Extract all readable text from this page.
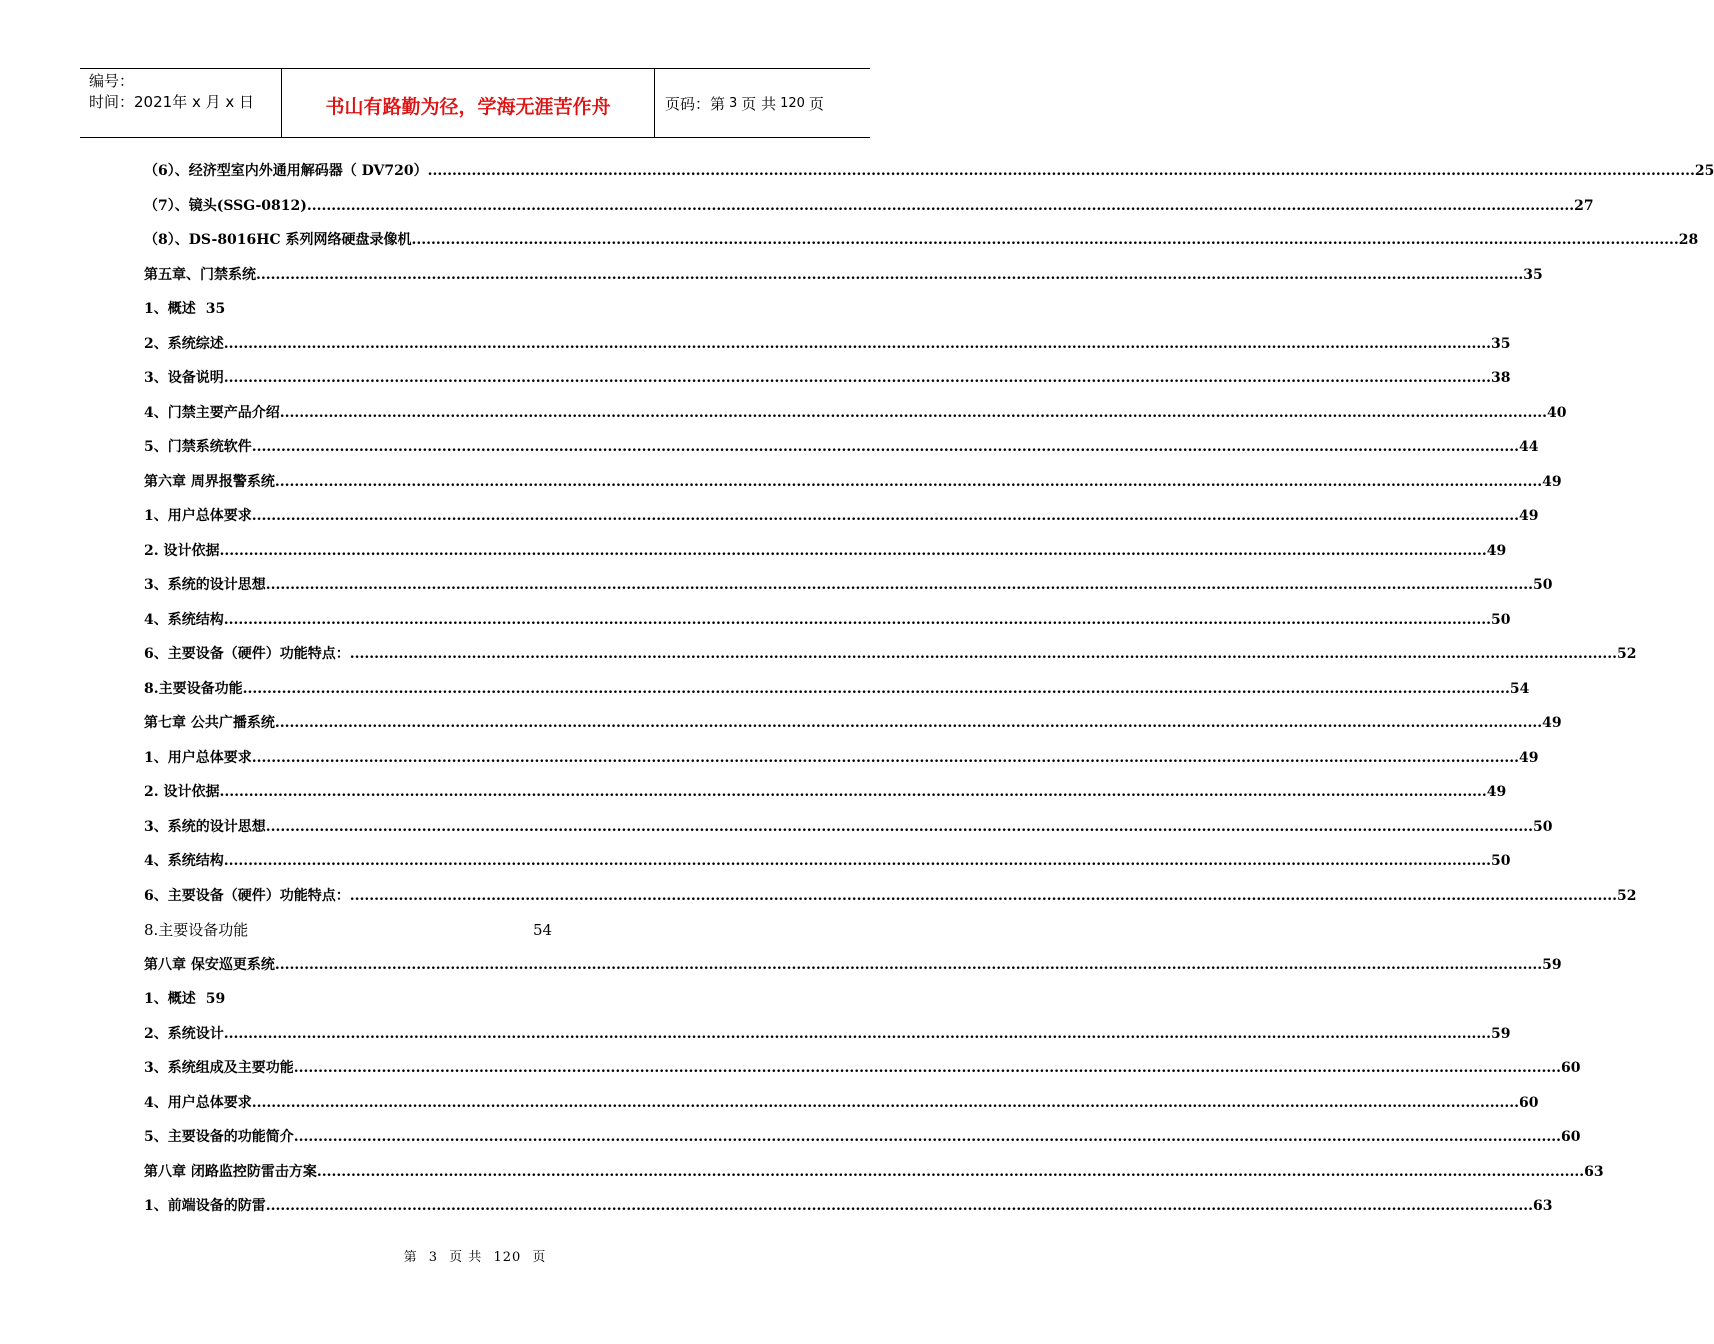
编号：
时间：2021年 x 月 x 日	书山有路勤为径，学海无涯苦作舟	页码：第 3 页 共 120 页
（6）、经济型室内外通用解码器（ DV720） .................................................................................................................................................................................................................................................................... 25
（7）、镜头(SSG-0812) .................................................................................................................................................................................................................................................................... 27
（8）、DS-8016HC 系列网络硬盘录像机 .................................................................................................................................................................................................................................................................... 28
第五章、门禁系统 .................................................................................................................................................................................................................................................................... 35
1、概述 35
2、系统综述 .................................................................................................................................................................................................................................................................... 35
3、设备说明 .................................................................................................................................................................................................................................................................... 38
4、门禁主要产品介绍 .................................................................................................................................................................................................................................................................... 40
5、门禁系统软件 .................................................................................................................................................................................................................................................................... 44
第六章 周界报警系统 .................................................................................................................................................................................................................................................................... 49
1、用户总体要求 .................................................................................................................................................................................................................................................................... 49
2. 设计依据 .................................................................................................................................................................................................................................................................... 49
3、系统的设计思想 .................................................................................................................................................................................................................................................................... 50
4、系统结构 .................................................................................................................................................................................................................................................................... 50
6、主要设备（硬件）功能特点： .................................................................................................................................................................................................................................................................... 52
8.主要设备功能 .................................................................................................................................................................................................................................................................... 54
第七章 公共广播系统 .................................................................................................................................................................................................................................................................... 49
1、用户总体要求 .................................................................................................................................................................................................................................................................... 49
2. 设计依据 .................................................................................................................................................................................................................................................................... 49
3、系统的设计思想 .................................................................................................................................................................................................................................................................... 50
4、系统结构 .................................................................................................................................................................................................................................................................... 50
6、主要设备（硬件）功能特点： .................................................................................................................................................................................................................................................................... 52
8.主要设备功能	54
第八章 保安巡更系统 .................................................................................................................................................................................................................................................................... 59
1、概述 59
2、系统设计 .................................................................................................................................................................................................................................................................... 59
3、系统组成及主要功能 .................................................................................................................................................................................................................................................................... 60
4、用户总体要求 .................................................................................................................................................................................................................................................................... 60
5、主要设备的功能简介 .................................................................................................................................................................................................................................................................... 60
第八章 闭路监控防雷击方案 .................................................................................................................................................................................................................................................................... 63
1、前端设备的防雷 .................................................................................................................................................................................................................................................................... 63
第 3 页 共 120 页
